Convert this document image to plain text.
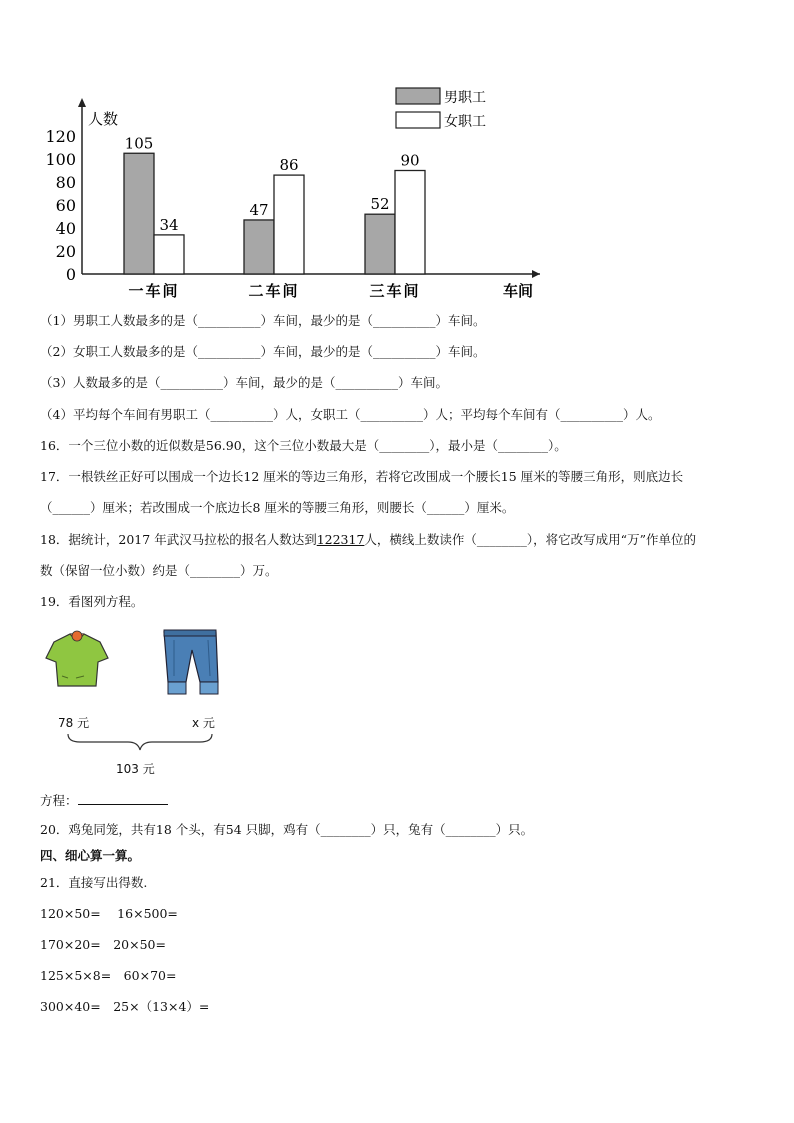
人数
0
20
40
60
80
100
120	105
34
一车间
47
86
二车间
52
90
三车间	车间
男职工
女职工
（1）男职工人数最多的是（__________）车间，最少的是（__________）车间。
（2）女职工人数最多的是（__________）车间，最少的是（__________）车间。
（3）人数最多的是（__________）车间，最少的是（__________）车间。
（4）平均每个车间有男职工（__________）人，女职工（__________）人；平均每个车间有（__________）人。
16．一个三位小数的近似数是56.90，这个三位小数最大是（________），最小是（________）。
17．一根铁丝正好可以围成一个边长12 厘米的等边三角形，若将它改围成一个腰长15 厘米的等腰三角形，则底边长
（______）厘米；若改围成一个底边长8 厘米的等腰三角形，则腰长（______）厘米。
18．据统计，2017 年武汉马拉松的报名人数达到122317人，横线上数读作（________），将它改写成用“万”作单位的
数（保留一位小数）约是（________）万。
19．看图列方程。
78 元	x 元
103 元
方程：
20．鸡兔同笼，共有18 个头，有54 只脚，鸡有（________）只，兔有（________）只。
四、细心算一算。
21．直接写出得数.
120×50=　 16×500=
170×20=　20×50=
125×5×8=　60×70=
300×40=　25×（13×4）=
